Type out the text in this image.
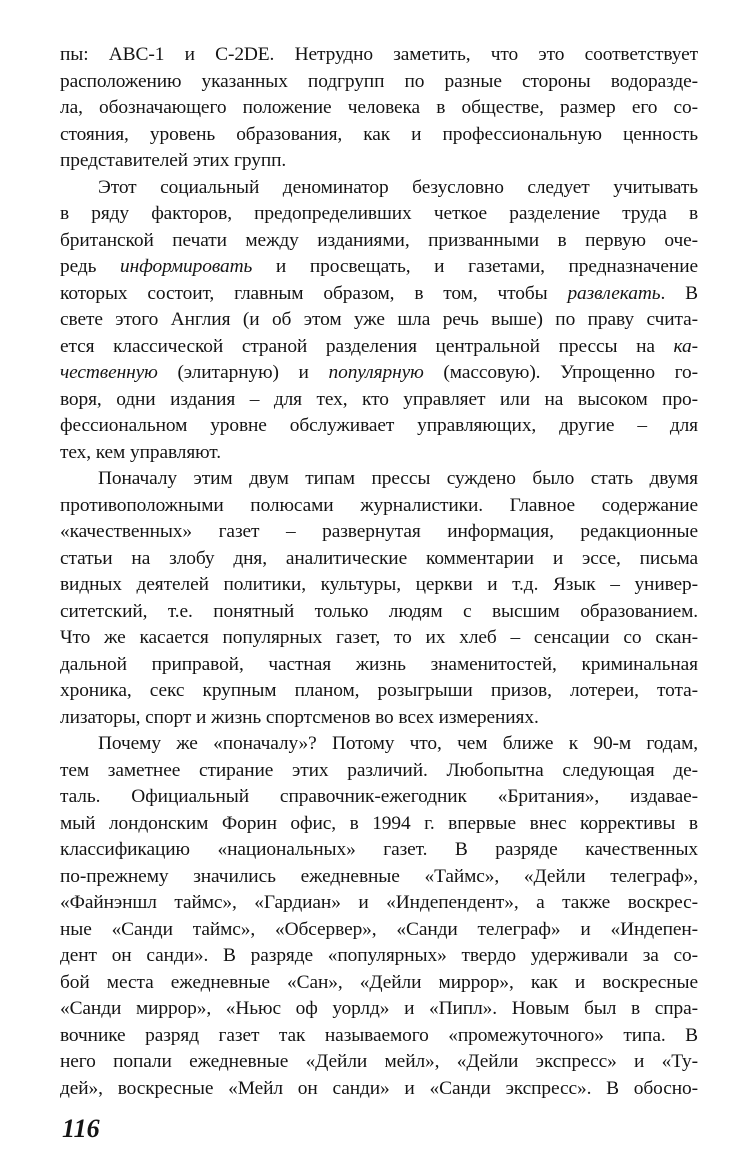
пы: АВС-1 и С-2DE. Нетрудно заметить, что это соответствует
расположению указанных подгрупп по разные стороны водоразде-
ла, обозначающего положение человека в обществе, размер его со-
стояния, уровень образования, как и профессиональную ценность
представителей этих групп.
Этот социальный деноминатор безусловно следует учитывать
в ряду факторов, предопределивших четкое разделение труда в
британской печати между изданиями, призванными в первую оче-
редь информировать и просвещать, и газетами, предназначение
которых состоит, главным образом, в том, чтобы развлекать. В
свете этого Англия (и об этом уже шла речь выше) по праву счита-
ется классической страной разделения центральной прессы на ка-
чественную (элитарную) и популярную (массовую). Упрощенно го-
воря, одни издания – для тех, кто управляет или на высоком про-
фессиональном уровне обслуживает управляющих, другие – для
тех, кем управляют.
Поначалу этим двум типам прессы суждено было стать двумя
противоположными полюсами журналистики. Главное содержание
«качественных» газет – развернутая информация, редакционные
статьи на злобу дня, аналитические комментарии и эссе, письма
видных деятелей политики, культуры, церкви и т.д. Язык – универ-
ситетский, т.е. понятный только людям с высшим образованием.
Что же касается популярных газет, то их хлеб – сенсации со скан-
дальной приправой, частная жизнь знаменитостей, криминальная
хроника, секс крупным планом, розыгрыши призов, лотереи, тота-
лизаторы, спорт и жизнь спортсменов во всех измерениях.
Почему же «поначалу»? Потому что, чем ближе к 90-м годам,
тем заметнее стирание этих различий. Любопытна следующая де-
таль. Официальный справочник-ежегодник «Британия», издавае-
мый лондонским Форин офис, в 1994 г. впервые внес коррективы в
классификацию «национальных» газет. В разряде качественных
по-прежнему значились ежедневные «Таймс», «Дейли телеграф»,
«Файнэншл таймс», «Гардиан» и «Индепендент», а также воскрес-
ные «Санди таймс», «Обсервер», «Санди телеграф» и «Индепен-
дент он санди». В разряде «популярных» твердо удерживали за со-
бой места ежедневные «Сан», «Дейли миррор», как и воскресные
«Санди миррор», «Ньюс оф уорлд» и «Пипл». Новым был в спра-
вочнике разряд газет так называемого «промежуточного» типа. В
него попали ежедневные «Дейли мейл», «Дейли экспресс» и «Ту-
дей», воскресные «Мейл он санди» и «Санди экспресс». В обосно-
116
